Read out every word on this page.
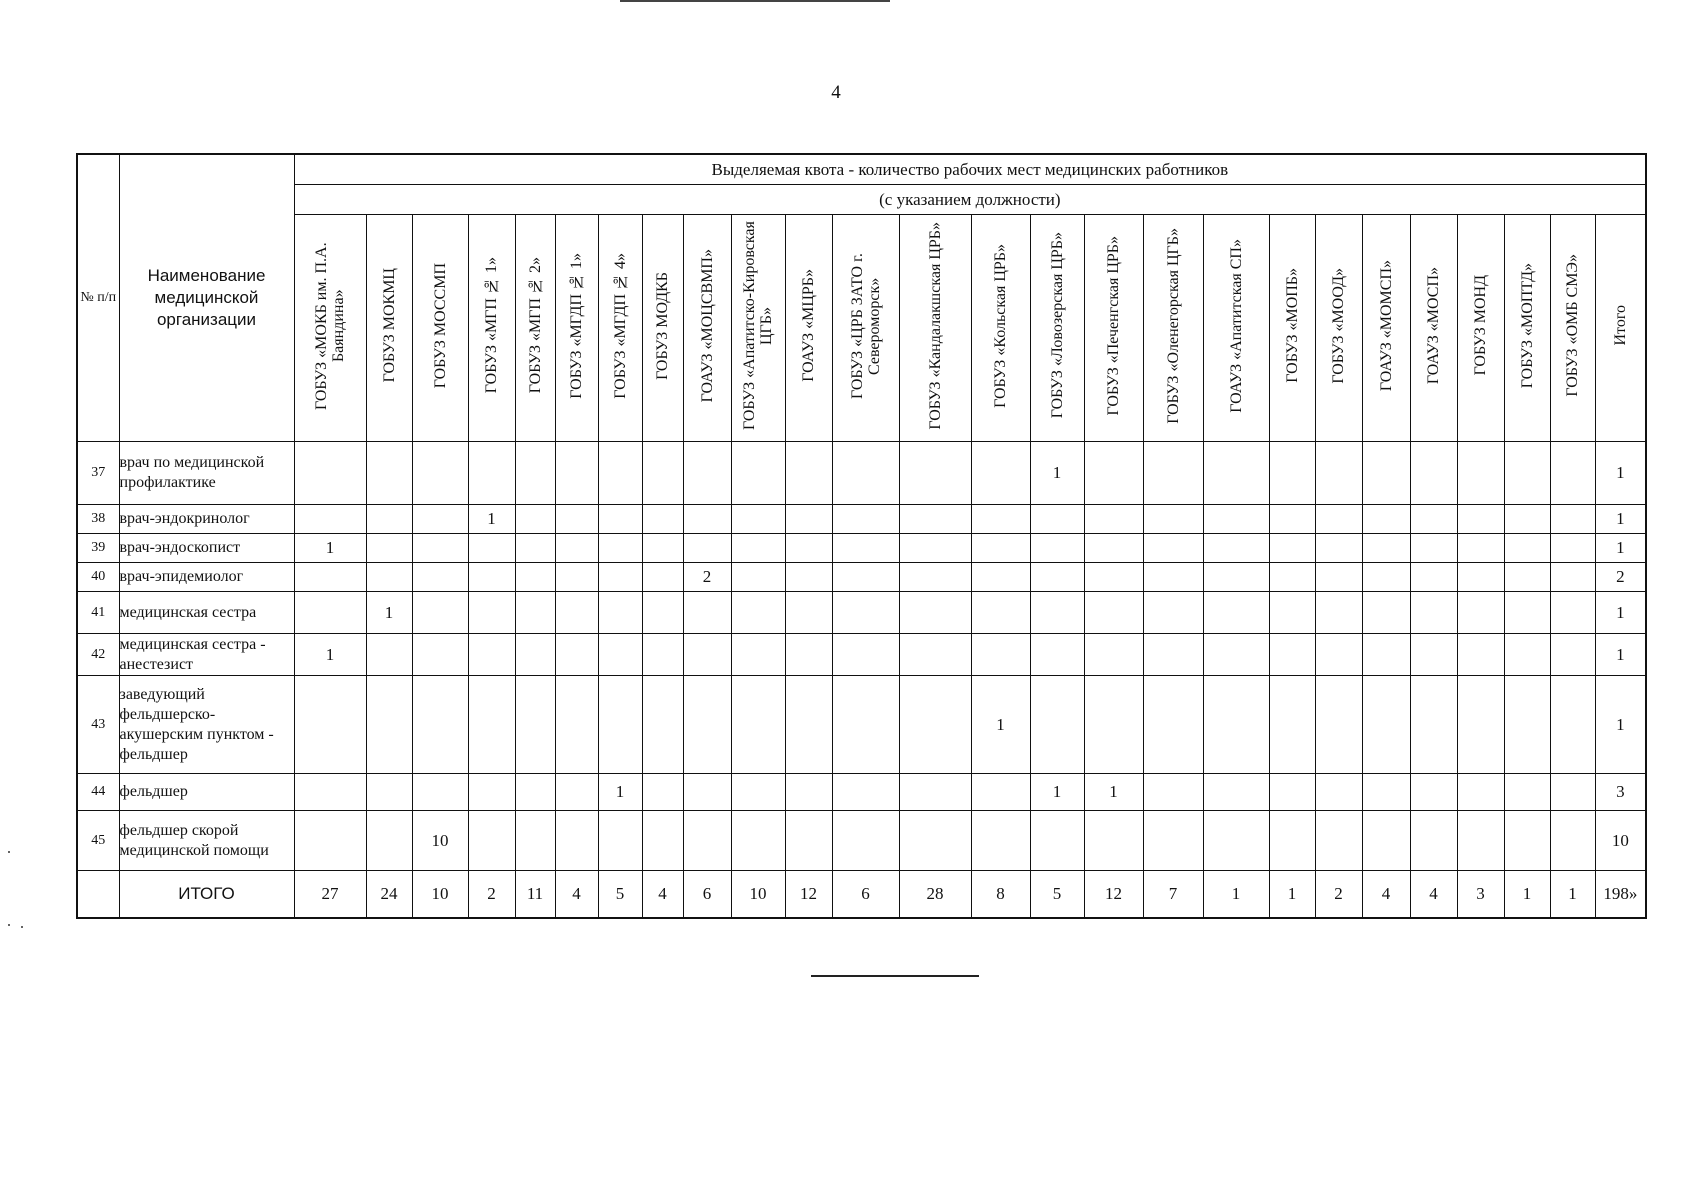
4
№ п/п	Наименование медицинской организации	Выделяемая квота - количество рабочих мест медицинских работников																									
		(с указанием должности)																									
		ГОБУЗ «МОКБ им. П.А. Баяндина»	ГОБУЗ МОКМЦ	ГОБУЗ МОССМП	ГОБУЗ «МГП № 1»	ГОБУЗ «МГП № 2»	ГОБУЗ «МГДП № 1»	ГОБУЗ «МГДП № 4»	ГОБУЗ МОДКБ	ГОАУЗ «МОЦСВМП»	ГОБУЗ «Апатитско-Кировская ЦГБ»	ГОАУЗ «МЦРБ»	ГОБУЗ «ЦРБ ЗАТО г. Североморск»	ГОБУЗ «Кандалакшская ЦРБ»	ГОБУЗ «Кольская ЦРБ»	ГОБУЗ «Ловозерская ЦРБ»	ГОБУЗ «Печенгская ЦРБ»	ГОБУЗ «Оленегорская ЦГБ»	ГОАУЗ «Апатитская СП»	ГОБУЗ «МОПБ»	ГОБУЗ «МООД»	ГОАУЗ «МОМСП»	ГОАУЗ «МОСП»	ГОБУЗ МОНД	ГОБУЗ «МОПТД»	ГОБУЗ «ОМБ СМЭ»	Итого
37	врач по медицинской профилактике															1											1
38	врач-эндокринолог				1																						1
39	врач-эндоскопист	1																									1
40	врач-эпидемиолог									2																	2
41	медицинская сестра		1																								1
42	медицинская сестра - анестезист	1																									1
43	заведующий фельдшерско-акушерским пунктом - фельдшер														1												1
44	фельдшер							1								1	1										3
45	фельдшер скорой медицинской помощи			10																							10
	ИТОГО	27	24	10	2	11	4	5	4	6	10	12	6	28	8	5	12	7	1	1	2	4	4	3	1	1	198»
